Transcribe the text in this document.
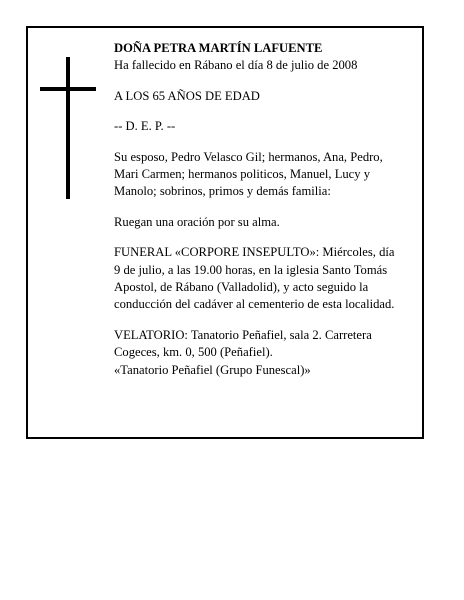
DOÑA PETRA MARTÍN LAFUENTE
Ha fallecido en Rábano el día 8 de julio de 2008

A LOS 65 AÑOS DE EDAD

-- D. E. P. --

Su esposo, Pedro Velasco Gil; hermanos, Ana, Pedro,
Mari Carmen; hermanos politicos, Manuel, Lucy y
Manolo; sobrinos, primos y demás familia:

Ruegan una oración por su alma.

FUNERAL «CORPORE INSEPULTO»: Miércoles, día
9 de julio, a las 19.00 horas, en la iglesia Santo Tomás
Apostol, de Rábano (Valladolid), y acto seguido la
conducción del cadáver al cementerio de esta localidad.

VELATORIO: Tanatorio Peñafiel, sala 2. Carretera
Cogeces, km. 0, 500 (Peñafiel).
«Tanatorio Peñafiel (Grupo Funescal)»
